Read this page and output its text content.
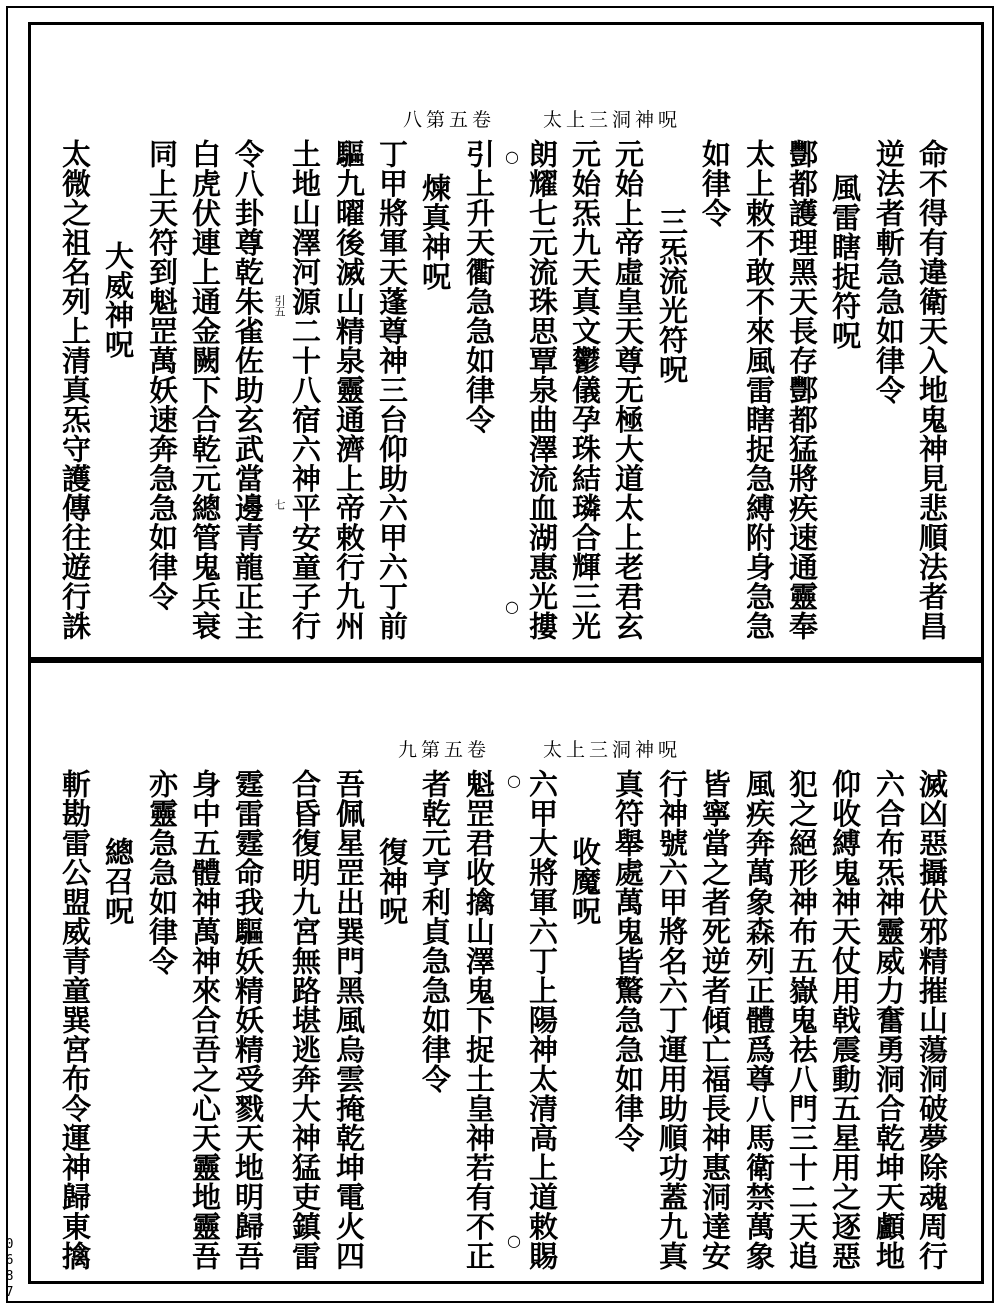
八第五卷	太上三洞神呪
命不得有違衛天入地鬼神見悲順法者昌
逆法者斬急急如律令
風雷瞎捉符呪
酆都護理黑天長存酆都猛將疾速通靈奉
太上敕不敢不來風雷瞎捉急縛附身急急
如律令
三炁流光符呪
元始上帝虛皇天尊无極大道太上老君玄
元始炁九天真文鬱儀孕珠結璘合輝三光
朗耀七元流珠思覃泉曲澤流血湖惠光摟
○
○
引上升天衢急急如律令
煉真神呪
丁甲將軍天蓬尊神三台仰助六甲六丁前
驅九曜後滅山精泉靈通濟上帝敕行九州
土地山澤河源二十八宿六神平安童子行
引五
七
令八卦尊乾朱雀佐助玄武當邊青龍正主
白虎伏連上通金闕下合乾元總管鬼兵衰
同上天符到魁罡萬妖速奔急急如律令
大威神呪
太微之祖名列上清真炁守護傳往遊行誅
九第五卷	太上三洞神呪
滅凶惡攝伏邪精摧山蕩洞破夢除魂周行
六合布炁神靈威力奮勇洞合乾坤天顱地
仰收縛鬼神天仗用戟震動五星用之逐惡
犯之絕形神布五嶽鬼祛八門三十二天追
風疾奔萬象森列正體爲尊八馬衛禁萬象
皆寧當之者死逆者傾亡福長神惠洞達安
行神號六甲將名六丁運用助順功蓋九真
真符舉處萬鬼皆驚急急如律令
收魔呪
○ 六甲大將軍六丁上陽神太清高上道敕賜
○
魁罡君收擒山澤鬼下捉土皇神若有不正
者乾元亨利貞急急如律令
復神呪
吾佩星罡出巽門黑風烏雲掩乾坤電火四
合昏復明九宮無路堪逃奔大神猛吏鎮雷
霆雷霆命我驅妖精妖精受戮天地明歸吾
身中五體神萬神來合吾之心天靈地靈吾
亦靈急急如律令
總召呪
斬勘雷公盟威青童巽宮布令運神歸東擒
0687
